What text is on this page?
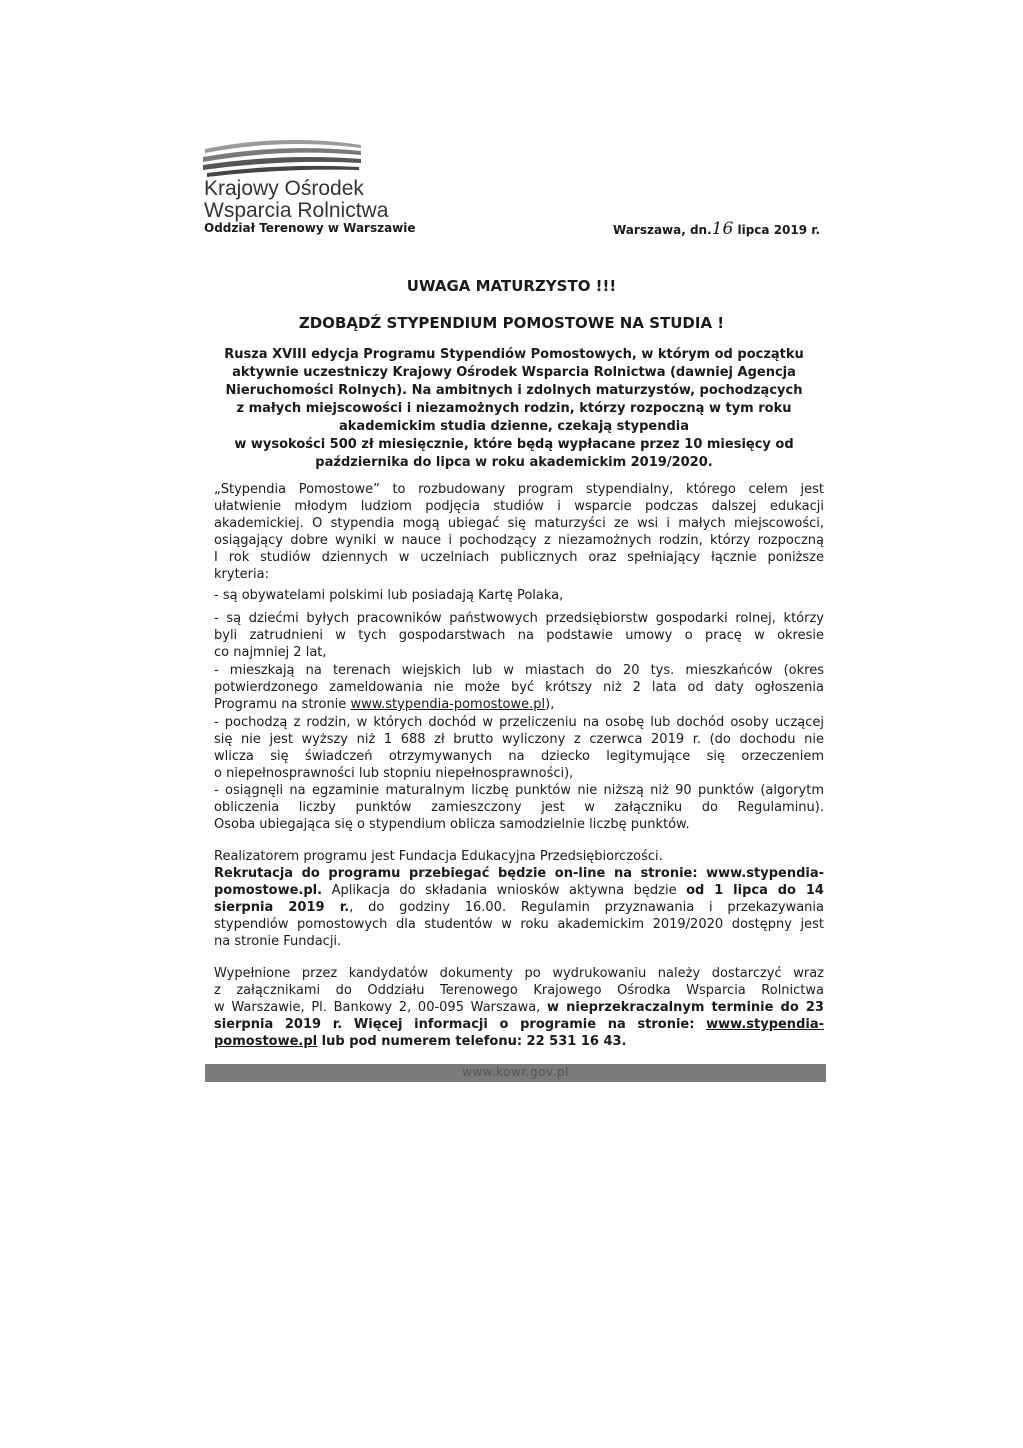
Krajowy Ośrodek
Wsparcia Rolnictwa
Oddział Terenowy w Warszawie	Warszawa, dn.16 lipca 2019 r.
UWAGA MATURZYSTO !!!
ZDOBĄDŹ STYPENDIUM POMOSTOWE NA STUDIA !
Rusza XVIII edycja Programu Stypendiów Pomostowych, w którym od początku
aktywnie uczestniczy Krajowy Ośrodek Wsparcia Rolnictwa (dawniej Agencja
Nieruchomości Rolnych). Na ambitnych i zdolnych maturzystów, pochodzących
z małych miejscowości i niezamożnych rodzin, którzy rozpoczną w tym roku
akademickim studia dzienne, czekają stypendia
w wysokości 500 zł miesięcznie, które będą wypłacane przez 10 miesięcy od
października do lipca w roku akademickim 2019/2020.
„Stypendia Pomostowe” to rozbudowany program stypendialny, którego celem jest
ułatwienie młodym ludziom podjęcia studiów i wsparcie podczas dalszej edukacji
akademickiej. O stypendia mogą ubiegać się maturzyści ze wsi i małych miejscowości,
osiągający dobre wyniki w nauce i pochodzący z niezamożnych rodzin, którzy rozpoczną
I rok studiów dziennych w uczelniach publicznych oraz spełniający łącznie poniższe
kryteria:
- są obywatelami polskimi lub posiadają Kartę Polaka,
- są dziećmi byłych pracowników państwowych przedsiębiorstw gospodarki rolnej, którzy
byli zatrudnieni w tych gospodarstwach na podstawie umowy o pracę w okresie
co najmniej 2 lat,
- mieszkają na terenach wiejskich lub w miastach do 20 tys. mieszkańców (okres
potwierdzonego zameldowania nie może być krótszy niż 2 lata od daty ogłoszenia
Programu na stronie www.stypendia-pomostowe.pl),
- pochodzą z rodzin, w których dochód w przeliczeniu na osobę lub dochód osoby uczącej
się nie jest wyższy niż 1 688 zł brutto wyliczony z czerwca 2019 r. (do dochodu nie
wlicza się świadczeń otrzymywanych na dziecko legitymujące się orzeczeniem
o niepełnosprawności lub stopniu niepełnosprawności),
- osiągnęli na egzaminie maturalnym liczbę punktów nie niższą niż 90 punktów (algorytm
obliczenia liczby punktów zamieszczony jest w załączniku do Regulaminu).
Osoba ubiegająca się o stypendium oblicza samodzielnie liczbę punktów.
Realizatorem programu jest Fundacja Edukacyjna Przedsiębiorczości.
Rekrutacja do programu przebiegać będzie on-line na stronie: www.stypendia-
pomostowe.pl. Aplikacja do składania wniosków aktywna będzie od 1 lipca do 14
sierpnia 2019 r., do godziny 16.00. Regulamin przyznawania i przekazywania
stypendiów pomostowych dla studentów w roku akademickim 2019/2020 dostępny jest
na stronie Fundacji.
Wypełnione przez kandydatów dokumenty po wydrukowaniu należy dostarczyć wraz
z załącznikami do Oddziału Terenowego Krajowego Ośrodka Wsparcia Rolnictwa
w Warszawie, Pl. Bankowy 2, 00-095 Warszawa, w nieprzekraczalnym terminie do 23
sierpnia 2019 r. Więcej informacji o programie na stronie: www.stypendia-
pomostowe.pl lub pod numerem telefonu: 22 531 16 43.
www.kowr.gov.pl
